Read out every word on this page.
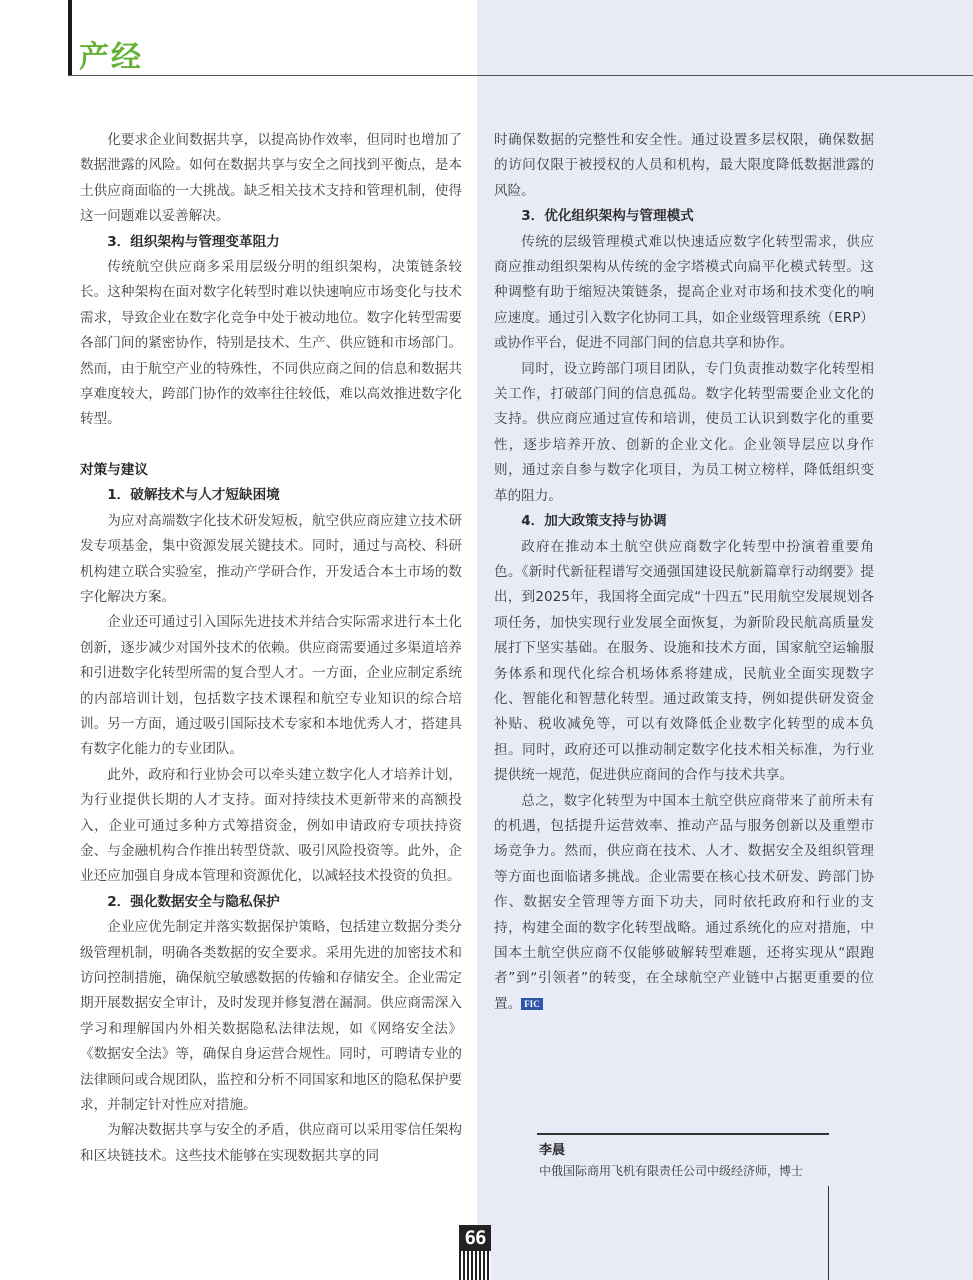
产经

化要求企业间数据共享，以提高协作效率，但同时也增加了数据泄露的风险。如何在数据共享与安全之间找到平衡点，是本土供应商面临的一大挑战。缺乏相关技术支持和管理机制，使得这一问题难以妥善解决。

3．组织架构与管理变革阻力

传统航空供应商多采用层级分明的组织架构，决策链条较长。这种架构在面对数字化转型时难以快速响应市场变化与技术需求，导致企业在数字化竞争中处于被动地位。数字化转型需要各部门间的紧密协作，特别是技术、生产、供应链和市场部门。然而，由于航空产业的特殊性，不同供应商之间的信息和数据共享难度较大，跨部门协作的效率往往较低，难以高效推进数字化转型。

对策与建议

1．破解技术与人才短缺困境

为应对高端数字化技术研发短板，航空供应商应建立技术研发专项基金，集中资源发展关键技术。同时，通过与高校、科研机构建立联合实验室，推动产学研合作，开发适合本土市场的数字化解决方案。

企业还可通过引入国际先进技术并结合实际需求进行本土化创新，逐步减少对国外技术的依赖。供应商需要通过多渠道培养和引进数字化转型所需的复合型人才。一方面，企业应制定系统的内部培训计划，包括数字技术课程和航空专业知识的综合培训。另一方面，通过吸引国际技术专家和本地优秀人才，搭建具有数字化能力的专业团队。

此外，政府和行业协会可以牵头建立数字化人才培养计划，为行业提供长期的人才支持。面对持续技术更新带来的高额投入，企业可通过多种方式筹措资金，例如申请政府专项扶持资金、与金融机构合作推出转型贷款、吸引风险投资等。此外，企业还应加强自身成本管理和资源优化，以减轻技术投资的负担。

2．强化数据安全与隐私保护

企业应优先制定并落实数据保护策略，包括建立数据分类分级管理机制，明确各类数据的安全要求。采用先进的加密技术和访问控制措施，确保航空敏感数据的传输和存储安全。企业需定期开展数据安全审计，及时发现并修复潜在漏洞。供应商需深入学习和理解国内外相关数据隐私法律法规，如《网络安全法》《数据安全法》等，确保自身运营合规性。同时，可聘请专业的法律顾问或合规团队，监控和分析不同国家和地区的隐私保护要求，并制定针对性应对措施。

为解决数据共享与安全的矛盾，供应商可以采用零信任架构和区块链技术。这些技术能够在实现数据共享的同

时确保数据的完整性和安全性。通过设置多层权限，确保数据的访问仅限于被授权的人员和机构，最大限度降低数据泄露的风险。

3．优化组织架构与管理模式

传统的层级管理模式难以快速适应数字化转型需求，供应商应推动组织架构从传统的金字塔模式向扁平化模式转型。这种调整有助于缩短决策链条，提高企业对市场和技术变化的响应速度。通过引入数字化协同工具，如企业级管理系统（ERP）或协作平台，促进不同部门间的信息共享和协作。

同时，设立跨部门项目团队，专门负责推动数字化转型相关工作，打破部门间的信息孤岛。数字化转型需要企业文化的支持。供应商应通过宣传和培训，使员工认识到数字化的重要性，逐步培养开放、创新的企业文化。企业领导层应以身作则，通过亲自参与数字化项目，为员工树立榜样，降低组织变革的阻力。

4．加大政策支持与协调

政府在推动本土航空供应商数字化转型中扮演着重要角色。《新时代新征程谱写交通强国建设民航新篇章行动纲要》提出，到2025年，我国将全面完成“十四五”民用航空发展规划各项任务，加快实现行业发展全面恢复，为新阶段民航高质量发展打下坚实基础。在服务、设施和技术方面，国家航空运输服务体系和现代化综合机场体系将建成，民航业全面实现数字化、智能化和智慧化转型。通过政策支持，例如提供研发资金补贴、税收减免等，可以有效降低企业数字化转型的成本负担。同时，政府还可以推动制定数字化技术相关标准，为行业提供统一规范，促进供应商间的合作与技术共享。

总之，数字化转型为中国本土航空供应商带来了前所未有的机遇，包括提升运营效率、推动产品与服务创新以及重塑市场竞争力。然而，供应商在技术、人才、数据安全及组织管理等方面也面临诸多挑战。企业需要在核心技术研发、跨部门协作、数据安全管理等方面下功夫，同时依托政府和行业的支持，构建全面的数字化转型战略。通过系统化的应对措施，中国本土航空供应商不仅能够破解转型难题，还将实现从“跟跑者”到“引领者”的转变，在全球航空产业链中占据更重要的位置。 FIC

李晨
中俄国际商用飞机有限责任公司中级经济师，博士
66
